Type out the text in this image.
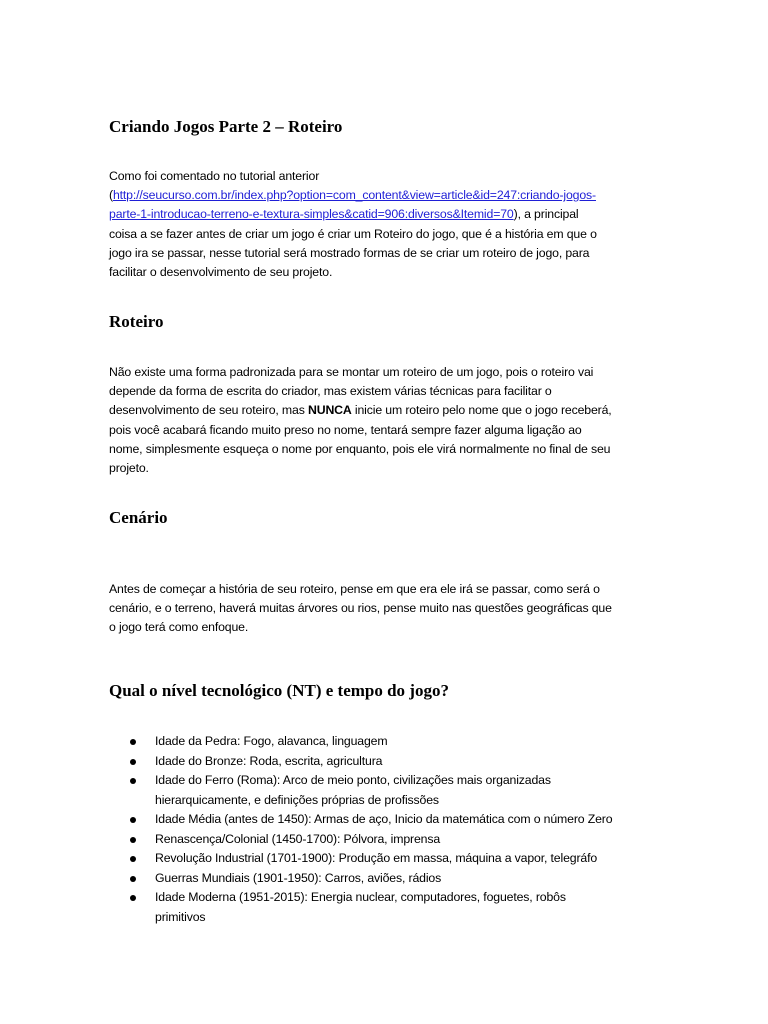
Criando Jogos Parte 2 – Roteiro
Como foi comentado no tutorial anterior
(http://seucurso.com.br/index.php?option=com_content&view=article&id=247:criando-jogos-
parte-1-introducao-terreno-e-textura-simples&catid=906:diversos&Itemid=70), a principal
coisa a se fazer antes de criar um jogo é criar um Roteiro do jogo, que é a história em que o
jogo ira se passar, nesse tutorial será mostrado formas de se criar um roteiro de jogo, para
facilitar o desenvolvimento de seu projeto.
Roteiro
Não existe uma forma padronizada para se montar um roteiro de um jogo, pois o roteiro vai
depende da forma de escrita do criador, mas existem várias técnicas para facilitar o
desenvolvimento de seu roteiro, mas NUNCA inicie um roteiro pelo nome que o jogo receberá,
pois você acabará ficando muito preso no nome, tentará sempre fazer alguma ligação ao
nome, simplesmente esqueça o nome por enquanto, pois ele virá normalmente no final de seu
projeto.
Cenário
Antes de começar a história de seu roteiro, pense em que era ele irá se passar, como será o
cenário, e o terreno, haverá muitas árvores ou rios, pense muito nas questões geográficas que
o jogo terá como enfoque.
Qual o nível tecnológico (NT) e tempo do jogo?
Idade da Pedra: Fogo, alavanca, linguagem
Idade do Bronze: Roda, escrita, agricultura
Idade do Ferro (Roma): Arco de meio ponto, civilizações mais organizadas
hierarquicamente, e definições próprias de profissões
Idade Média (antes de 1450): Armas de aço, Inicio da matemática com o número Zero
Renascença/Colonial (1450-1700): Pólvora, imprensa
Revolução Industrial (1701-1900): Produção em massa, máquina a vapor, telegráfo
Guerras Mundiais (1901-1950): Carros, aviões, rádios
Idade Moderna (1951-2015): Energia nuclear, computadores, foguetes, robôs
primitivos
